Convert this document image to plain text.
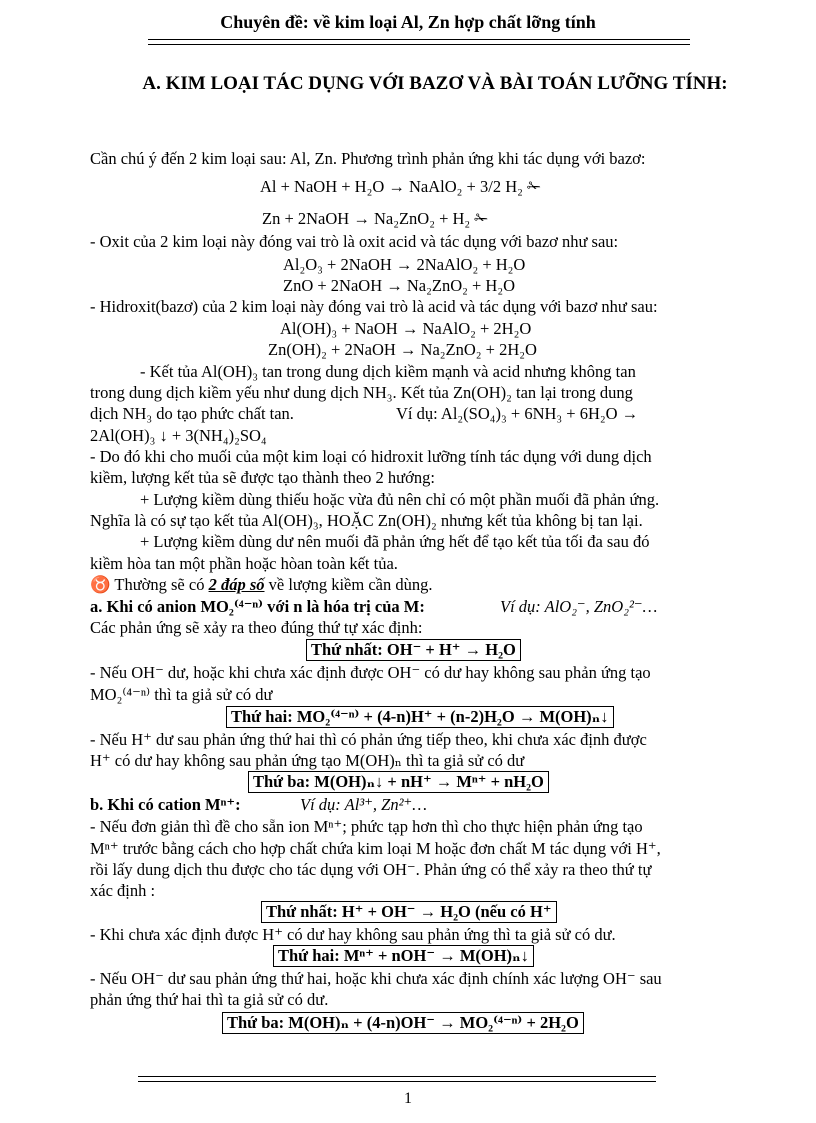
Chuyên đề: về kim loại Al, Zn hợp chất lỡng tính
A. KIM LOẠI TÁC DỤNG VỚI BAZƠ VÀ BÀI TOÁN LƯỠNG TÍNH:
Cần chú ý đến 2 kim loại sau: Al, Zn. Phương trình phản ứng khi tác dụng với bazơ:
Al + NaOH + H₂O → NaAlO₂ + 3/2 H₂ ✁
Zn + 2NaOH → Na₂ZnO₂ + H₂ ✁
- Oxit của 2 kim loại này đóng vai trò là oxit acid và tác dụng với bazơ như sau:
Al₂O₃ + 2NaOH → 2NaAlO₂ + H₂O
ZnO + 2NaOH → Na₂ZnO₂ + H₂O
- Hidroxit(bazơ) của 2 kim loại này đóng vai trò là acid và tác dụng với bazơ như sau:
Al(OH)₃ + NaOH → NaAlO₂ + 2H₂O
Zn(OH)₂ + 2NaOH → Na₂ZnO₂ + 2H₂O
- Kết tủa Al(OH)₃ tan trong dung dịch kiềm mạnh và acid nhưng không tan
trong dung dịch kiềm yếu như dung dịch NH₃. Kết tủa Zn(OH)₂ tan lại trong dung
dịch NH₃ do tạo phức chất tan.	Ví dụ: Al₂(SO₄)₃ + 6NH₃ + 6H₂O →
2Al(OH)₃ ↓ + 3(NH₄)₂SO₄
- Do đó khi cho muối của một kim loại có hidroxit lưỡng tính tác dụng với dung dịch
kiềm, lượng kết tủa sẽ được tạo thành theo 2 hướng:
+ Lượng kiềm dùng thiếu hoặc vừa đủ nên chỉ có một phần muối đã phản ứng.
Nghĩa là có sự tạo kết tủa Al(OH)₃, HOẶC Zn(OH)₂ nhưng kết tủa không bị tan lại.
+ Lượng kiềm dùng dư nên muối đã phản ứng hết để tạo kết tủa tối đa sau đó
kiềm hòa tan một phần hoặc hòan toàn kết tủa.
♉ Thường sẽ có 2 đáp số về lượng kiềm cần dùng.
a. Khi có anion MO₂⁽⁴⁻ⁿ⁾ với n là hóa trị của M:	Ví dụ: AlO₂⁻, ZnO₂²⁻…
Các phản ứng sẽ xảy ra theo đúng thứ tự xác định:
Thứ nhất: OH⁻ + H⁺ → H₂O
- Nếu OH⁻ dư, hoặc khi chưa xác định được OH⁻ có dư hay không sau phản ứng tạo
MO₂⁽⁴⁻ⁿ⁾ thì ta giả sử có dư
Thứ hai: MO₂⁽⁴⁻ⁿ⁾ + (4-n)H⁺ + (n-2)H₂O → M(OH)ₙ↓
- Nếu H⁺ dư sau phản ứng thứ hai thì có phản ứng tiếp theo, khi chưa xác định được
H⁺ có dư hay không sau phản ứng tạo M(OH)ₙ thì ta giả sử có dư
Thứ ba: M(OH)ₙ↓ + nH⁺ → Mⁿ⁺ + nH₂O
b. Khi có cation Mⁿ⁺:	Ví dụ: Al³⁺, Zn²⁺…
- Nếu đơn giản thì đề cho sẵn ion Mⁿ⁺; phức tạp hơn thì cho thực hiện phản ứng tạo
Mⁿ⁺ trước bằng cách cho hợp chất chứa kim loại M hoặc đơn chất M tác dụng với H⁺,
rồi lấy dung dịch thu được cho tác dụng với OH⁻. Phản ứng có thể xảy ra theo thứ tự
xác định :
Thứ nhất: H⁺ + OH⁻ → H₂O (nếu có H⁺
- Khi chưa xác định được H⁺ có dư hay không sau phản ứng thì ta giả sử có dư.
Thứ hai: Mⁿ⁺ + nOH⁻ → M(OH)ₙ↓
- Nếu OH⁻ dư sau phản ứng thứ hai, hoặc khi chưa xác định chính xác lượng OH⁻ sau
phản ứng thứ hai thì ta giả sử có dư.
Thứ ba: M(OH)ₙ + (4-n)OH⁻ → MO₂⁽⁴⁻ⁿ⁾ + 2H₂O
1
